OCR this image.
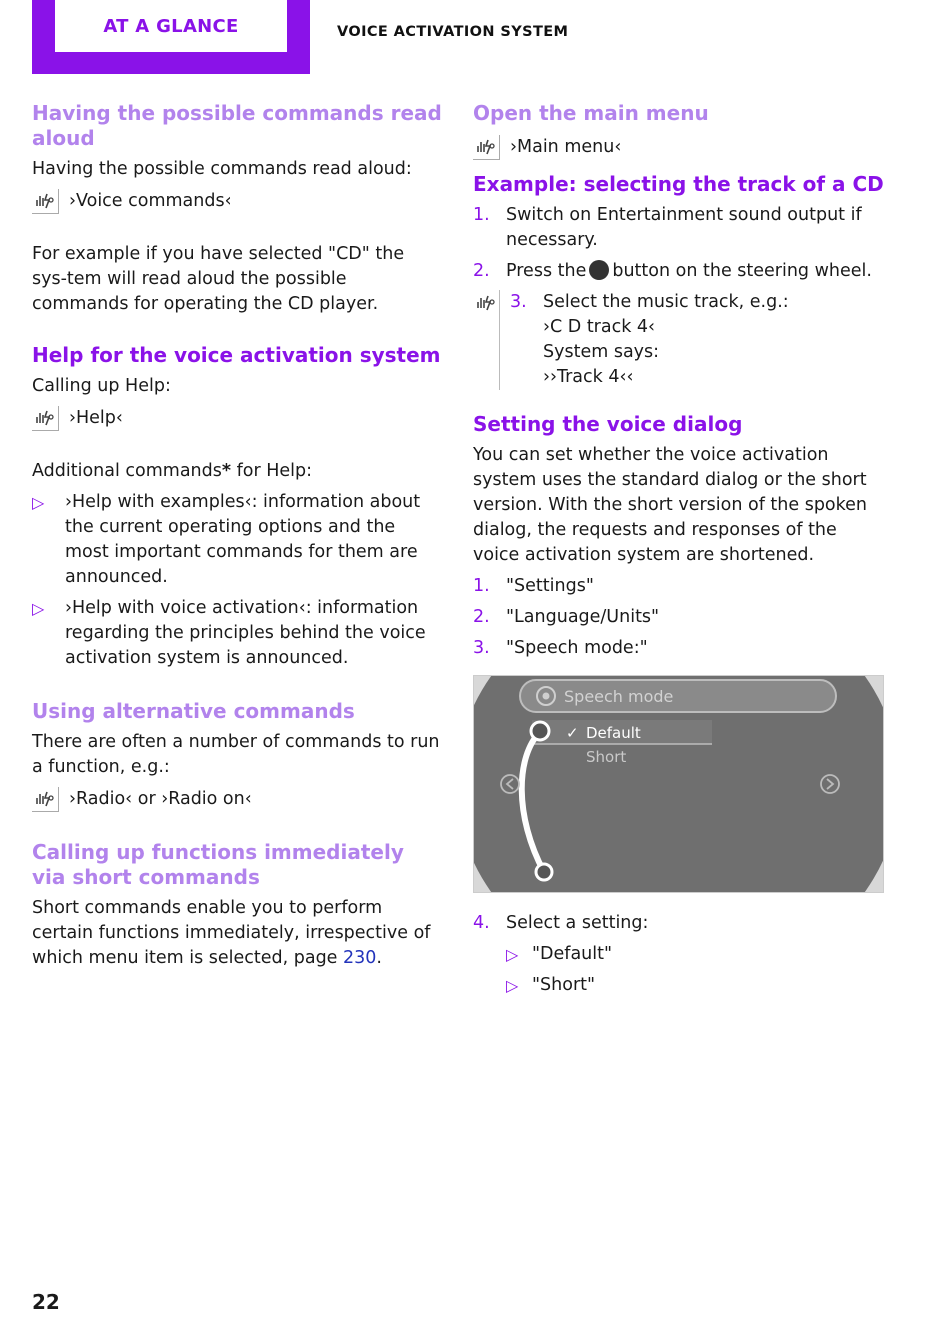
AT A GLANCE	VOICE ACTIVATION SYSTEM
Having the possible commands read aloud

Having the possible commands read aloud:

›Voice commands‹

For example if you have selected "CD" the sys-tem will read aloud the possible commands for operating the CD player.

Help for the voice activation system

Calling up Help:

›Help‹

Additional commands* for Help:

▷	›Help with examples‹: information about the current operating options and the most important commands for them are announced.
▷	›Help with voice activation‹: information regarding the principles behind the voice activation system is announced.
Using alternative commands

There are often a number of commands to run a function, e.g.:

›Radio‹ or ›Radio on‹
Calling up functions immediately via short commands

Short commands enable you to perform certain functions immediately, irrespective of which menu item is selected, page 230.

Open the main menu
›Main menu‹
Example: selecting the track of a CD
1. Switch on Entertainment sound output if necessary.
2. Press the button on the steering wheel.
3. Select the music track, e.g.:
›C D track 4‹
System says:
››Track 4‹‹
Setting the voice dialog

You can set whether the voice activation system uses the standard dialog or the short version. With the short version of the spoken dialog, the requests and responses of the voice activation system are shortened.

1. "Settings"
2. "Language/Units"
3. "Speech mode:"
Speech mode
✓ Default
Short
4. Select a setting:
▷ "Default"
▷ "Short"
22
